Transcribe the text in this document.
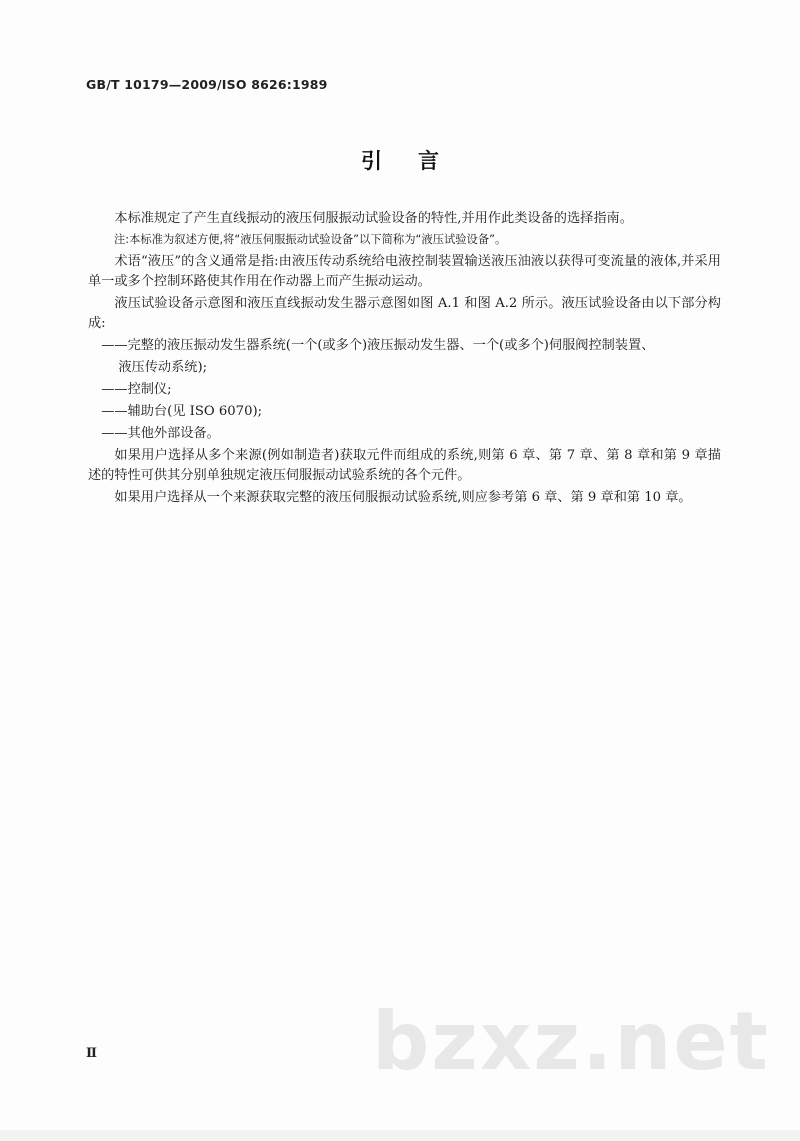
GB/T 10179—2009/ISO 8626:1989
引言

本标准规定了产生直线振动的液压伺服振动试验设备的特性,并用作此类设备的选择指南。

注:本标准为叙述方便,将“液压伺服振动试验设备”以下简称为“液压试验设备”。

术语“液压”的含义通常是指:由液压传动系统给电液控制装置输送液压油液以获得可变流量的液体,并采用单一或多个控制环路使其作用在作动器上而产生振动运动。

液压试验设备示意图和液压直线振动发生器示意图如图 A.1 和图 A.2 所示。液压试验设备由以下部分构成:

——完整的液压振动发生器系统(一个(或多个)液压振动发生器、一个(或多个)伺服阀控制装置、

液压传动系统);

——控制仪;

——辅助台(见 ISO 6070);

——其他外部设备。

如果用户选择从多个来源(例如制造者)获取元件而组成的系统,则第 6 章、第 7 章、第 8 章和第 9 章描述的特性可供其分别单独规定液压伺服振动试验系统的各个元件。

如果用户选择从一个来源获取完整的液压伺服振动试验系统,则应参考第 6 章、第 9 章和第 10 章。

bzxz.net
Ⅱ
